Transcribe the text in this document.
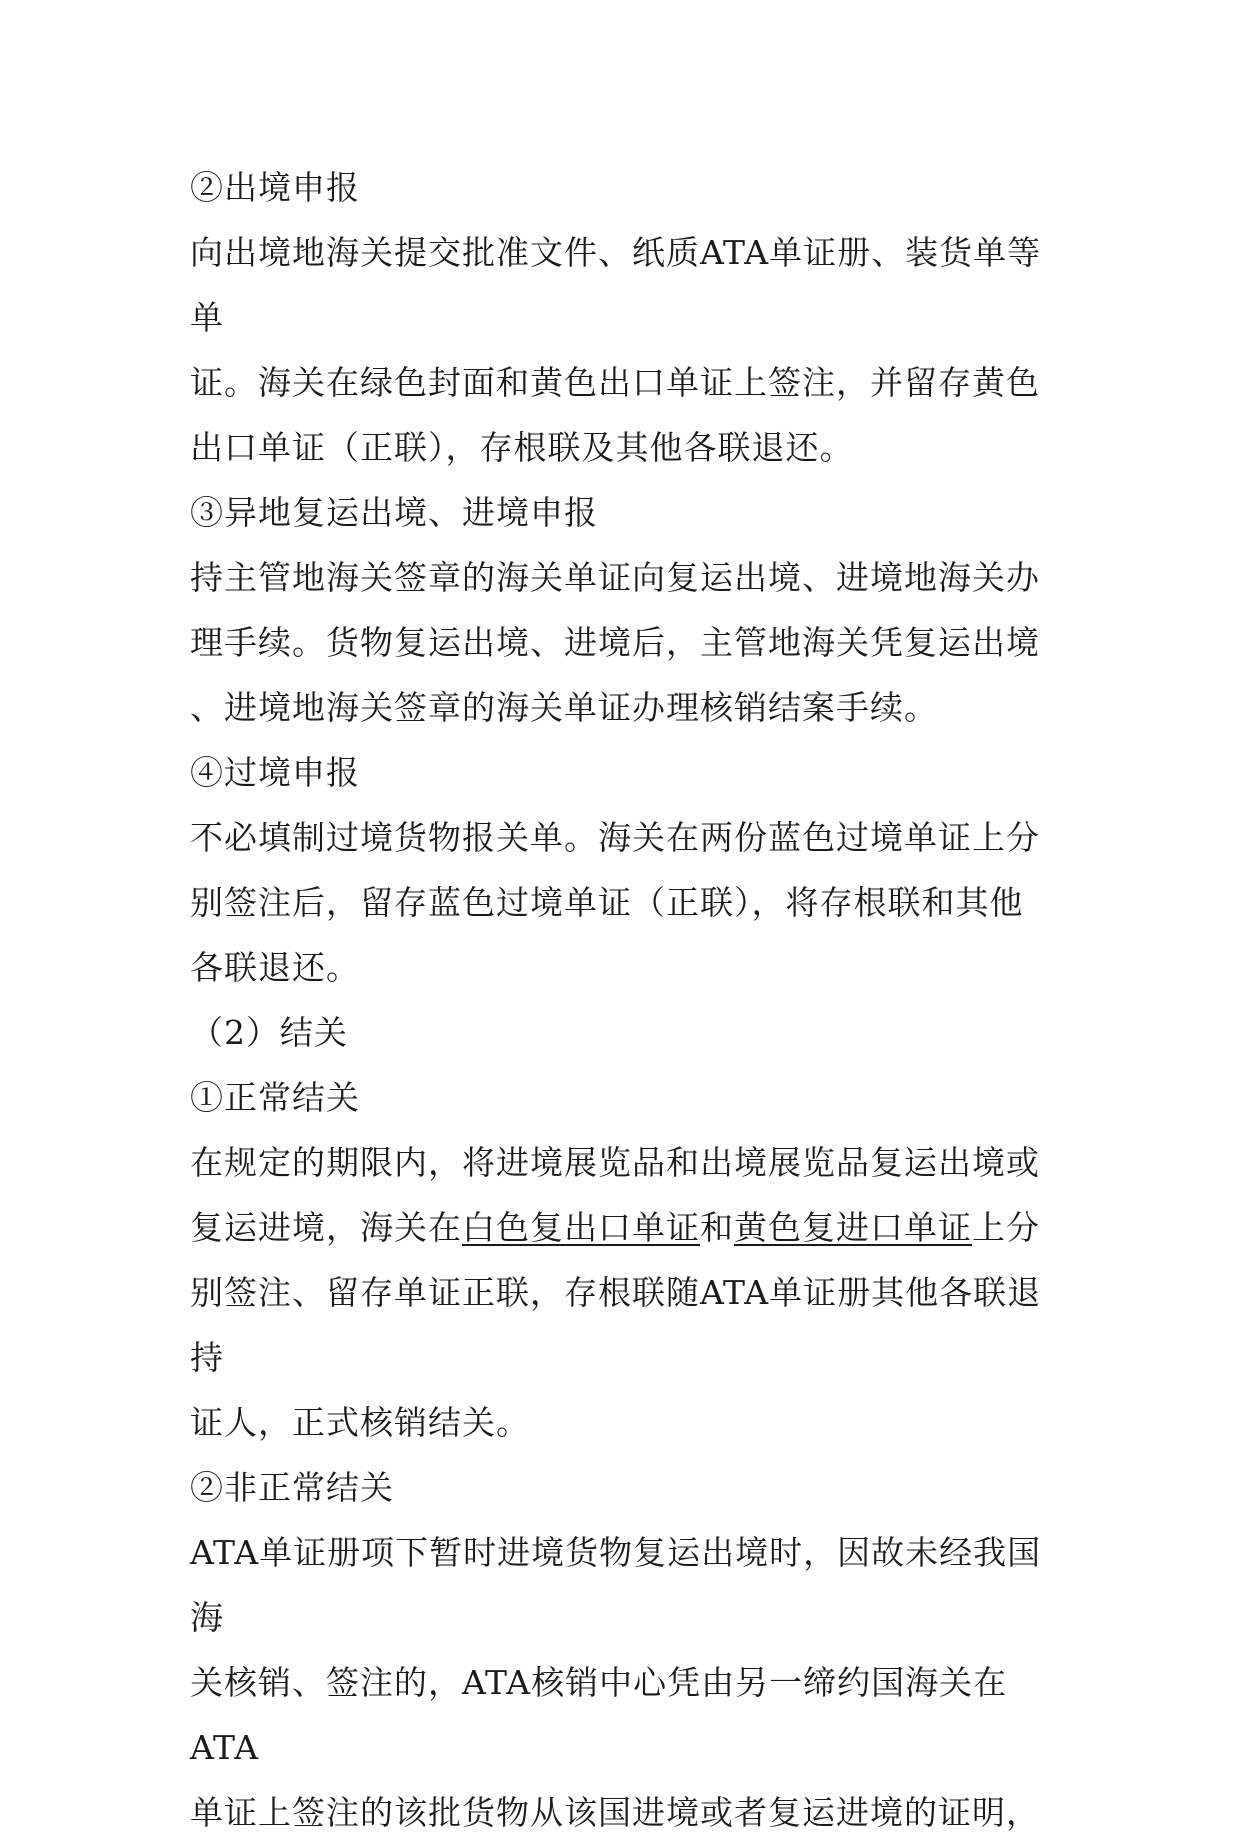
②出境申报

向出境地海关提交批准文件、纸质ATA单证册、装货单等单

证。海关在绿色封面和黄色出口单证上签注，并留存黄色

出口单证（正联），存根联及其他各联退还。

③异地复运出境、进境申报

持主管地海关签章的海关单证向复运出境、进境地海关办

理手续。货物复运出境、进境后，主管地海关凭复运出境

、进境地海关签章的海关单证办理核销结案手续。

④过境申报

不必填制过境货物报关单。海关在两份蓝色过境单证上分

别签注后，留存蓝色过境单证（正联），将存根联和其他

各联退还。

（2）结关

①正常结关

在规定的期限内，将进境展览品和出境展览品复运出境或

复运进境，海关在白色复出口单证和黄色复进口单证上分

别签注、留存单证正联，存根联随ATA单证册其他各联退持

证人，正式核销结关。

②非正常结关

ATA单证册项下暂时进境货物复运出境时，因故未经我国海

关核销、签注的，ATA核销中心凭由另一缔约国海关在ATA

单证上签注的该批货物从该国进境或者复运进境的证明，
